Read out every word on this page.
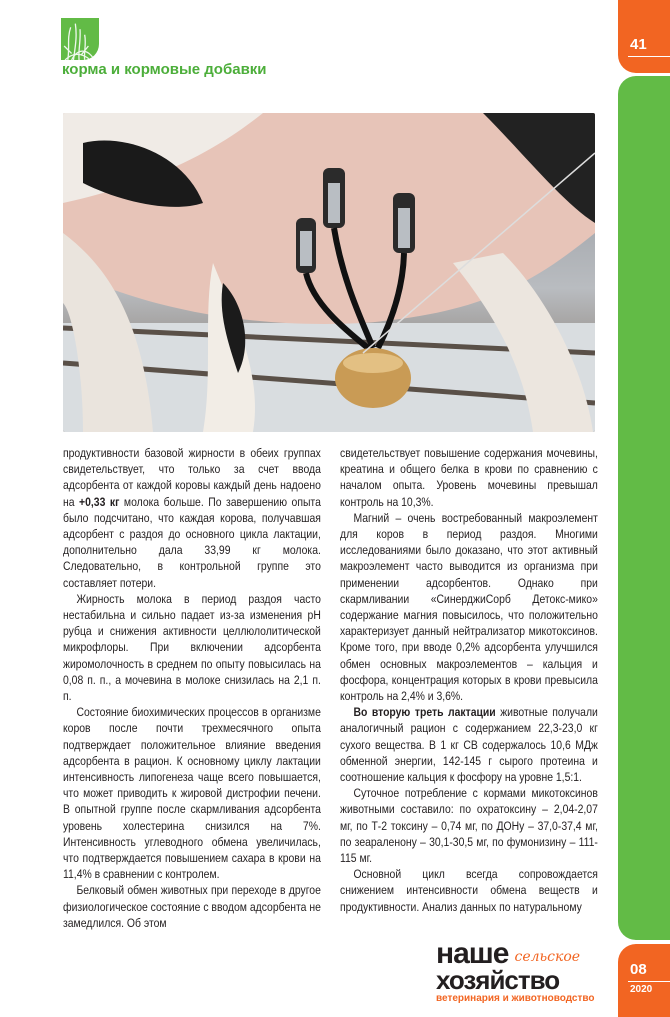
41
08
2020
корма и кормовые добавки

продуктивности базовой жирности в обеих группах свидетельствует, что только за счет ввода адсорбента от каждой коровы каждый день надоено на +0,33 кг молока больше. По завершению опыта было подсчитано, что каждая корова, получавшая адсорбент с раздоя до основного цикла лактации, дополнительно дала 33,99 кг молока. Следовательно, в контрольной группе это составляет потери.

Жирность молока в период раздоя часто нестабильна и сильно падает из-за изменения pH рубца и снижения активности целлюлолитической микрофлоры. При включении адсорбента жиромолочность в среднем по опыту повысилась на 0,08 п. п., а мочевина в молоке снизилась на 2,1 п. п.

Состояние биохимических процессов в организме коров после почти трехмесячного опыта подтверждает положительное влияние введения адсорбента в рацион. К основному циклу лактации интенсивность липогенеза чаще всего повышается, что может приводить к жировой дистрофии печени. В опытной группе после скармливания адсорбента уровень холестерина снизился на 7%. Интенсивность углеводного обмена увеличилась, что подтверждается повышением сахара в крови на 11,4% в сравнении с контролем.

Белковый обмен животных при переходе в другое физиологическое состояние с вводом адсорбента не замедлился. Об этом

свидетельствует повышение содержания мочевины, креатина и общего белка в крови по сравнению с началом опыта. Уровень мочевины превышал контроль на 10,3%.

Магний – очень востребованный макроэлемент для коров в период раздоя. Многими исследованиями было доказано, что этот активный макроэлемент часто выводится из организма при применении адсорбентов. Однако при скармливании «СинерджиСорб Детокс-мико» содержание магния повысилось, что положительно характеризует данный нейтрализатор микотоксинов. Кроме того, при вводе 0,2% адсорбента улучшился обмен основных макроэлементов – кальция и фосфора, концентрация которых в крови превысила контроль на 2,4% и 3,6%.

Во вторую треть лактации животные получали аналогичный рацион с содержанием 22,3-23,0 кг сухого вещества. В 1 кг СВ содержалось 10,6 МДж обменной энергии, 142-145 г сырого протеина и соотношение кальция к фосфору на уровне 1,5:1.

Суточное потребление с кормами микотоксинов животными составило: по охратоксину – 2,04-2,07 мг, по Т-2 токсину – 0,74 мг, по ДОНу – 37,0-37,4 мг, по зеараленону – 30,1-30,5 мг, по фумонизину – 111-115 мг.

Основной цикл всегда сопровождается снижением интенсивности обмена веществ и продуктивности. Анализ данных по натуральному

наше сельское
хозяйство
ветеринария и животноводство
